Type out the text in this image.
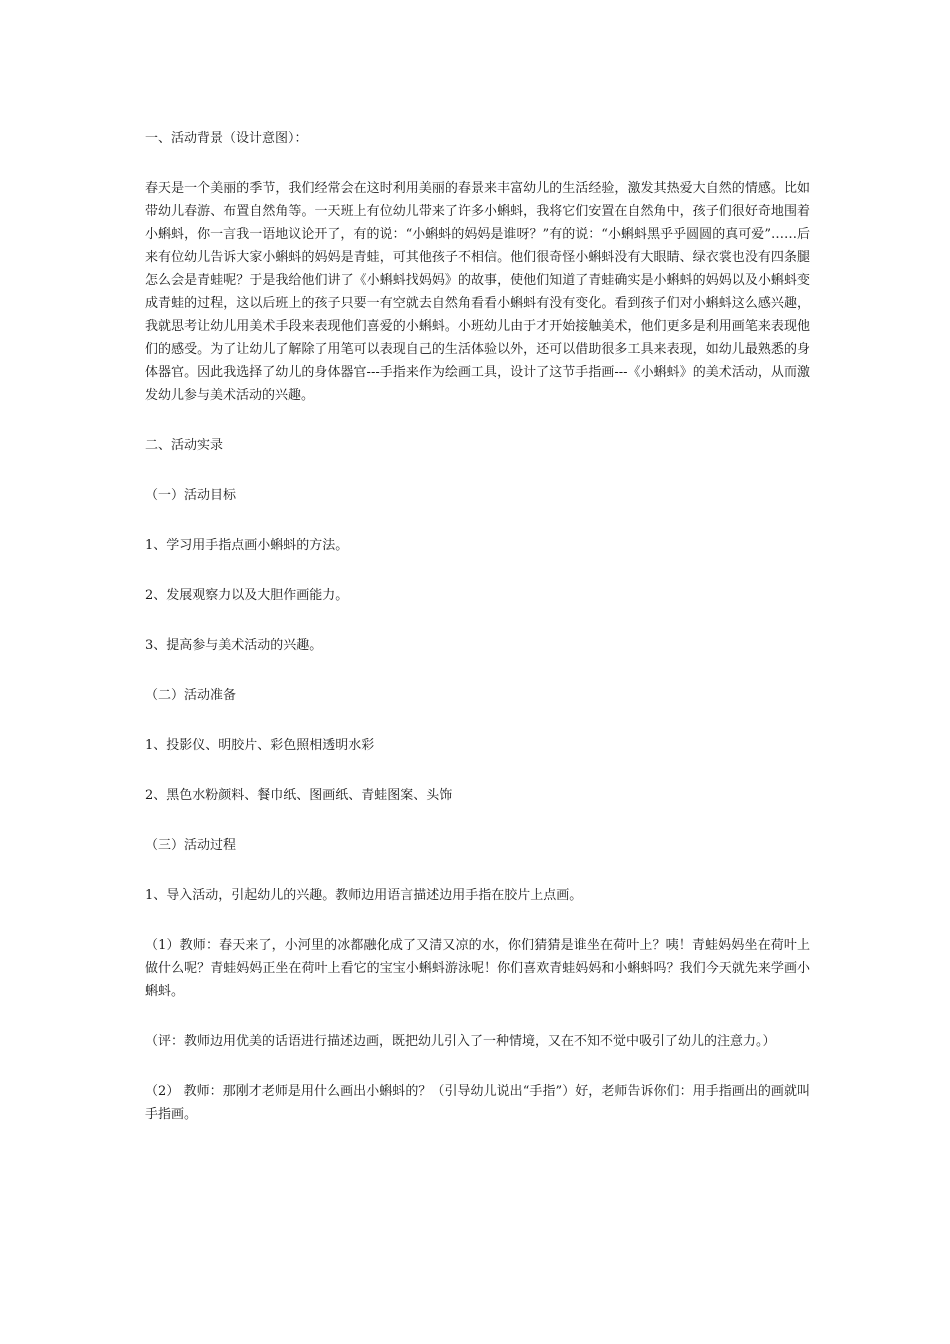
一、活动背景（设计意图）：

春天是一个美丽的季节，我们经常会在这时利用美丽的春景来丰富幼儿的生活经验，激发其热爱大自然的情感。比如带幼儿春游、布置自然角等。一天班上有位幼儿带来了许多小蝌蚪，我将它们安置在自然角中，孩子们很好奇地围着小蝌蚪，你一言我一语地议论开了，有的说：“小蝌蚪的妈妈是谁呀？”有的说：“小蝌蚪黑乎乎圆圆的真可爱”……后来有位幼儿告诉大家小蝌蚪的妈妈是青蛙，可其他孩子不相信。他们很奇怪小蝌蚪没有大眼睛、绿衣裳也没有四条腿怎么会是青蛙呢？于是我给他们讲了《小蝌蚪找妈妈》的故事，使他们知道了青蛙确实是小蝌蚪的妈妈以及小蝌蚪变成青蛙的过程，这以后班上的孩子只要一有空就去自然角看看小蝌蚪有没有变化。看到孩子们对小蝌蚪这么感兴趣，我就思考让幼儿用美术手段来表现他们喜爱的小蝌蚪。小班幼儿由于才开始接触美术，他们更多是利用画笔来表现他们的感受。为了让幼儿了解除了用笔可以表现自己的生活体验以外，还可以借助很多工具来表现，如幼儿最熟悉的身体器官。因此我选择了幼儿的身体器官---手指来作为绘画工具，设计了这节手指画---《小蝌蚪》的美术活动，从而激发幼儿参与美术活动的兴趣。

二、活动实录

（一）活动目标

1、学习用手指点画小蝌蚪的方法。

2、发展观察力以及大胆作画能力。

3、提高参与美术活动的兴趣。

（二）活动准备

1、投影仪、明胶片、彩色照相透明水彩

2、黑色水粉颜料、餐巾纸、图画纸、青蛙图案、头饰

（三）活动过程

1、导入活动，引起幼儿的兴趣。教师边用语言描述边用手指在胶片上点画。

（1）教师：春天来了，小河里的冰都融化成了又清又凉的水，你们猜猜是谁坐在荷叶上？咦！青蛙妈妈坐在荷叶上做什么呢？青蛙妈妈正坐在荷叶上看它的宝宝小蝌蚪游泳呢！你们喜欢青蛙妈妈和小蝌蚪吗？我们今天就先来学画小蝌蚪。

（评：教师边用优美的话语进行描述边画，既把幼儿引入了一种情境，又在不知不觉中吸引了幼儿的注意力。）

（2） 教师：那刚才老师是用什么画出小蝌蚪的？（引导幼儿说出“手指”）好，老师告诉你们：用手指画出的画就叫手指画。
